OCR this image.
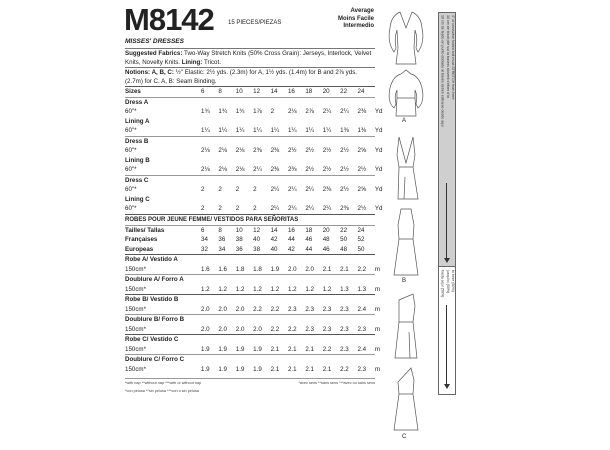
M8142 15 PIECES/PIEZAS
Average
Moins Facile
Intermedio
MISSES' DRESSES
Suggested Fabrics: Two-Way Stretch Knits (50% Cross Grain): Jerseys, Interlock, Velvet Knits, Novelty Knits. Lining: Tricot.
Notions: A, B, C: ½" Elastic: 2½ yds. (2.3m) for A, 1½ yds. (1.4m) for B and 2⅞ yds. (2.7m) for C. A, B: Seam Binding.
Sizes	6	8	10	12	14	16	18	20	22	24
Dress A
60"*	1¾	1¾	1¾	1⅞	2	2⅛	2⅞	2¼	2¼	2⅜	Yd
Lining A
60"*	1¼	1¼	1¼	1¼	1¼	1¼	1¼	1¼	1⅜	1⅜	Yd
Dress B
60"*	2⅛	2⅛	2⅛	2⅜	2⅜	2½	2½	2½	2½	2⅝	Yd
Lining B
60"*	2⅛	2⅛	2⅛	2¼	2⅜	2⅜	2½	2½	2½	2½	Yd
Dress C
60"*	2	2	2	2	2¼	2¼	2¼	2⅜	2½	2⅝	Yd
Lining C
60"*	2	2	2	2	2¼	2¼	2¼	2¼	2⅜	2½	Yd
ROBES POUR JEUNE FEMME/ VESTIDOS PARA SEÑORITAS
Tailles/ Tallas	6	8	10	12	14	16	18	20	22	24
Françaises	34	36	38	40	42	44	46	48	50	52
Europeas	32	34	36	38	40	42	44	46	48	50
Robe A/ Vestido A
150cm*	1.6	1.6	1.8	1.8	1.9	2.0	2.0	2.1	2.1	2.2	m
Doublure A/ Forro A
150cm*	1.2	1.2	1.2	1.2	1.2	1.2	1.2	1.2	1.3	1.3	m
Robe B/ Vestido B
150cm*	2.0	2.0	2.0	2.2	2.2	2.3	2.3	2.3	2.3	2.4	m
Doublure B/ Forro B
150cm*	2.0	2.0	2.0	2.0	2.2	2.2	2.3	2.3	2.3	2.3	m
Robe C/ Vestido C
150cm*	1.9	1.9	1.9	1.9	2.1	2.1	2.1	2.2	2.3	2.4	m
Doublure C/ Forro C
150cm*	1.9	1.9	1.9	1.9	2.1	2.1	2.1	2.1	2.2	2.3	m
*with nap **without nap ***with or without nap
*con pelusa **sin pelusa ***con o sin pelusa
*avec sens **sans sens ***avec ou sans sens
A
B
C
4" of crosswise folded knit must STRETCH from here
10 cm de tricot plié sur la travers doivent s'étirer d'ici
10 cm de tejido en punto doblado al través deben estirarse desde aquí
to here (50%)
jusqu'ici (50%)
hasta aquí (50%)
